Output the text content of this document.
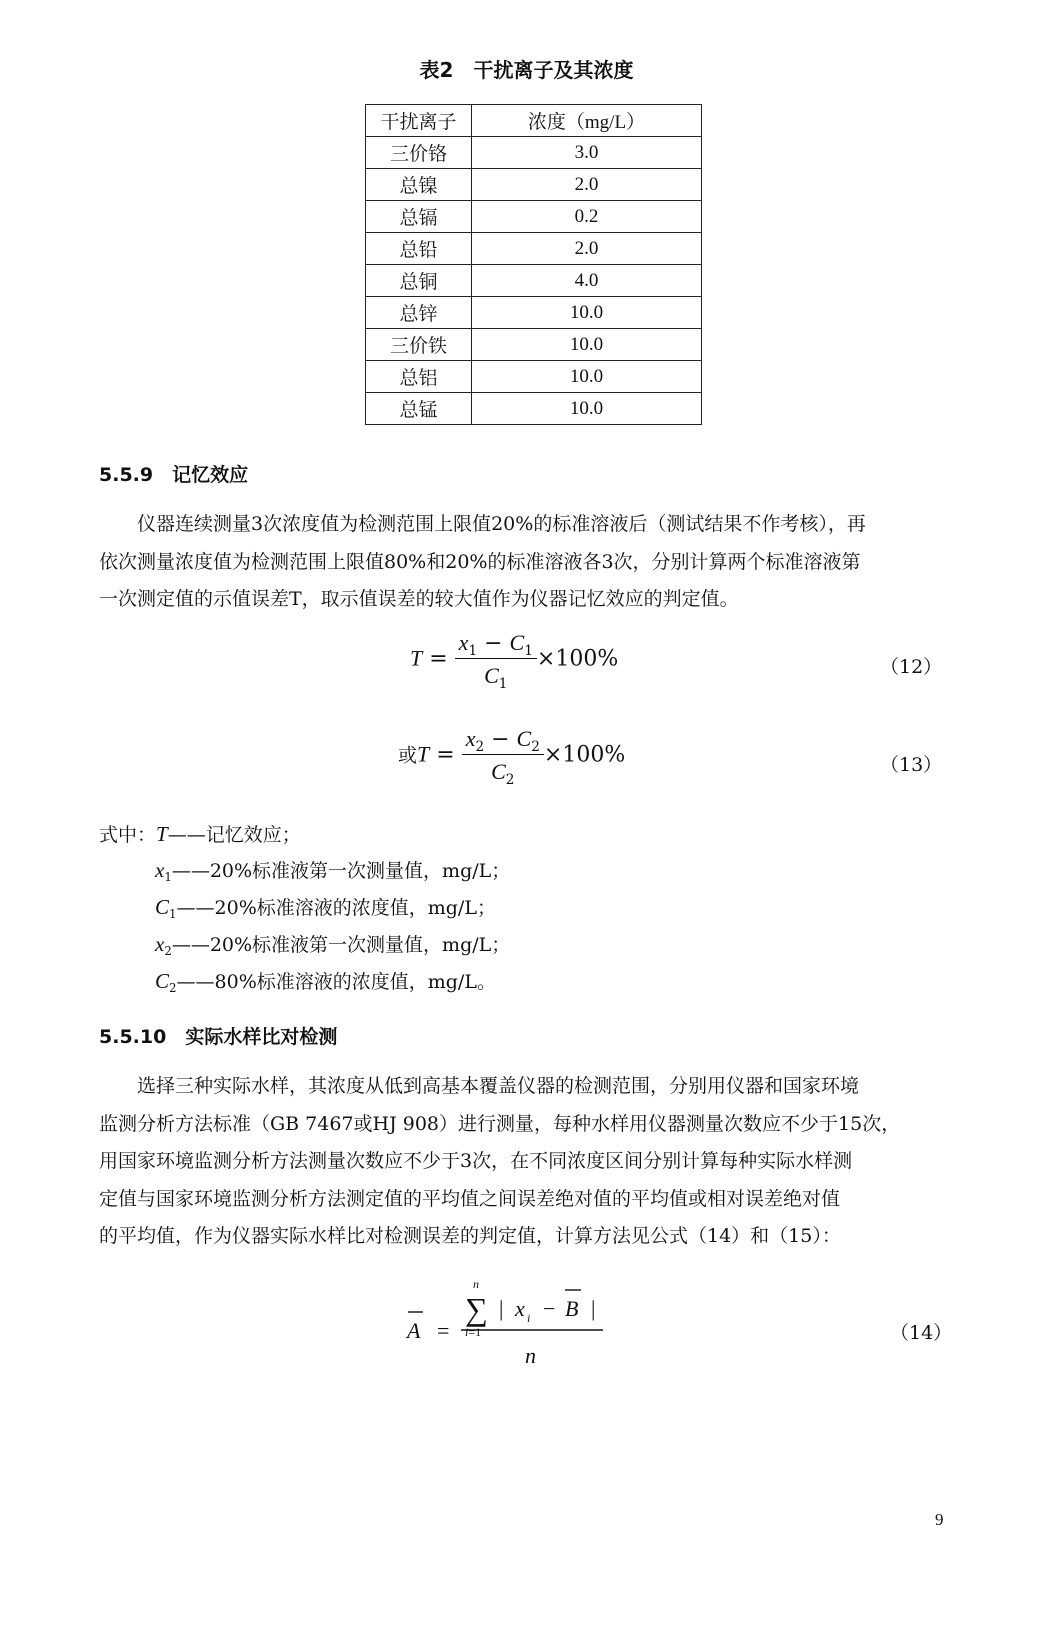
表2　干扰离子及其浓度
干扰离子	浓度（mg/L）
三价铬	3.0
总镍	2.0
总镉	0.2
总铅	2.0
总铜	4.0
总锌	10.0
三价铁	10.0
总铝	10.0
总锰	10.0
5.5.9　记忆效应
仪器连续测量3次浓度值为检测范围上限值20%的标准溶液后（测试结果不作考核），再
依次测量浓度值为检测范围上限值80%和20%的标准溶液各3次，分别计算两个标准溶液第
一次测定值的示值误差T，取示值误差的较大值作为仪器记忆效应的判定值。
$T = \frac{x_1 - C_1}{C_1} \times 100\%$	（12）
或$T = \frac{x_2 - C_2}{C_2} \times 100\%$	（13）
式中：T——记忆效应；
$x_1——20\%$标准液第一次测量值，mg/L；
$C_1——20\%$标准溶液的浓度值，mg/L；
$x_2——20\%$标准液第一次测量值，mg/L；
$C_2——80\%$标准溶液的浓度值，mg/L。
5.5.10　实际水样比对检测
选择三种实际水样，其浓度从低到高基本覆盖仪器的检测范围，分别用仪器和国家环境
监测分析方法标准（GB 7467或HJ 908）进行测量，每种水样用仪器测量次数应不少于15次，
用国家环境监测分析方法测量次数应不少于3次，在不同浓度区间分别计算每种实际水样测
定值与国家环境监测分析方法测定值的平均值之间误差绝对值的平均值或相对误差绝对值
的平均值，作为仪器实际水样比对检测误差的判定值，计算方法见公式（14）和（15）：
A =
n
∑
i=1
| x i − B |
n
（14）
9
